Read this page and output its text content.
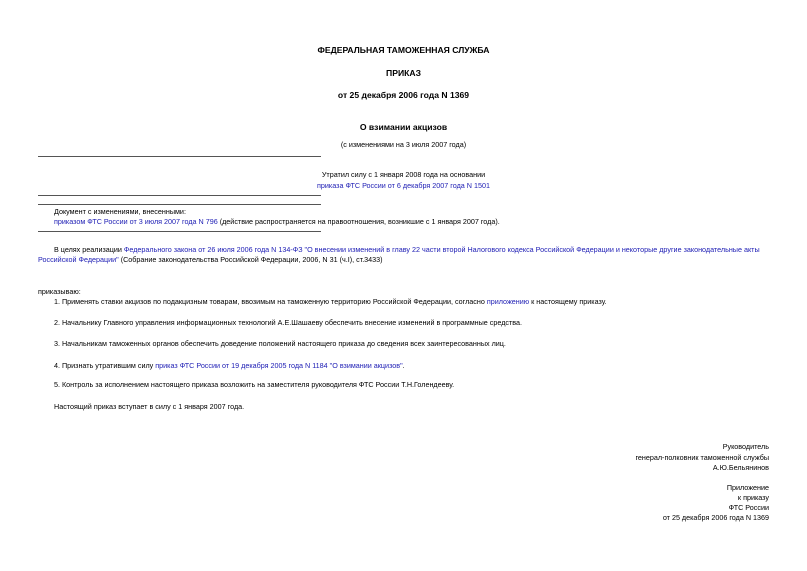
ФЕДЕРАЛЬНАЯ ТАМОЖЕННАЯ СЛУЖБА
ПРИКАЗ
от 25 декабря 2006 года N 1369
О взимании акцизов
(с изменениями на 3 июля 2007 года)
Утратил силу с 1 января 2008 года на основании
приказа ФТС России от 6 декабря 2007 года N 1501
Документ с изменениями, внесенными:
приказом ФТС России от 3 июля 2007 года N 796 (действие распространяется на правоотношения, возникшие с 1 января 2007 года).
В целях реализации Федерального закона от 26 июля 2006 года N 134-ФЗ "О внесении изменений в главу 22 части второй Налогового кодекса Российской Федерации и некоторые другие законодательные акты
Российской Федерации" (Собрание законодательства Российской Федерации, 2006, N 31 (ч.I), ст.3433)
приказываю:
1. Применять ставки акцизов по подакцизным товарам, ввозимым на таможенную территорию Российской Федерации, согласно приложению к настоящему приказу.
2. Начальнику Главного управления информационных технологий А.Е.Шашаеву обеспечить внесение изменений в программные средства.
3. Начальникам таможенных органов обеспечить доведение положений настоящего приказа до сведения всех заинтересованных лиц.
4. Признать утратившим силу приказ ФТС России от 19 декабря 2005 года N 1184 "О взимании акцизов".
5. Контроль за исполнением настоящего приказа возложить на заместителя руководителя ФТС России Т.Н.Голендееву.
Настоящий приказ вступает в силу с 1 января 2007 года.
Руководитель
генерал-полковник таможенной службы
А.Ю.Бельянинов
Приложение
к приказу
ФТС России
от 25 декабря 2006 года N 1369
